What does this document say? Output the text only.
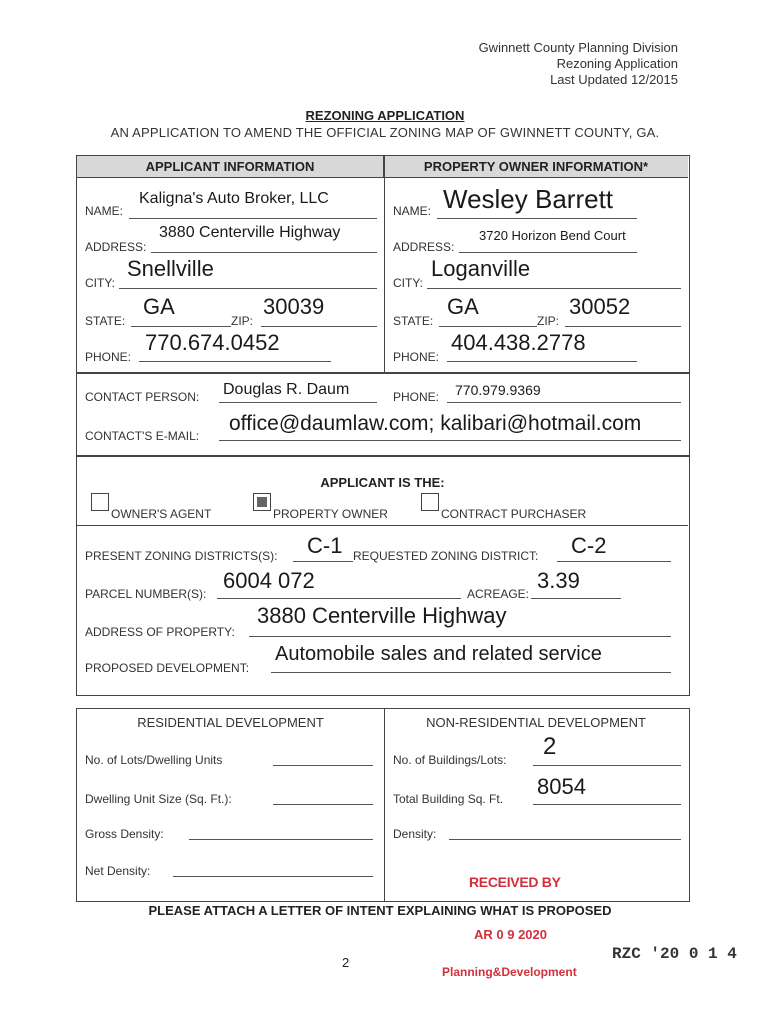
Gwinnett County Planning Division
Rezoning Application
Last Updated 12/2015
REZONING APPLICATION
AN APPLICATION TO AMEND THE OFFICIAL ZONING MAP OF GWINNETT COUNTY, GA.
APPLICANT INFORMATION	PROPERTY OWNER INFORMATION*
NAME:
Kaligna's Auto Broker, LLC
ADDRESS:
3880 Centerville Highway
CITY:
Snellville
STATE:
GA
ZIP:
30039
PHONE:
770.674.0452
NAME: Wesley Barrett
ADDRESS:
3720 Horizon Bend Court
CITY:
Loganville
STATE:
GA
ZIP:
30052
PHONE:
404.438.2778
CONTACT PERSON: Douglas R. Daum	PHONE: 770.979.9369
CONTACT'S E-MAIL:
office@daumlaw.com; kalibari@hotmail.com
APPLICANT IS THE:
OWNER'S AGENT	PROPERTY OWNER	CONTRACT PURCHASER
PRESENT ZONING DISTRICTS(S): C-1 REQUESTED ZONING DISTRICT: C-2
PARCEL NUMBER(S):
6004 072
ACREAGE:
3.39
ADDRESS OF PROPERTY:
3880 Centerville Highway
PROPOSED DEVELOPMENT:
Automobile sales and related service
RESIDENTIAL DEVELOPMENT
No. of Lots/Dwelling Units
Dwelling Unit Size (Sq. Ft.):
Gross Density:
Net Density:
NON-RESIDENTIAL DEVELOPMENT
No. of Buildings/Lots: 2
Total Building Sq. Ft. 8054
Density:
RECEIVED BY
PLEASE ATTACH A LETTER OF INTENT EXPLAINING WHAT IS PROPOSED
AR 0 9 2020
2
Planning&Development
RZC '20 0 1 4
